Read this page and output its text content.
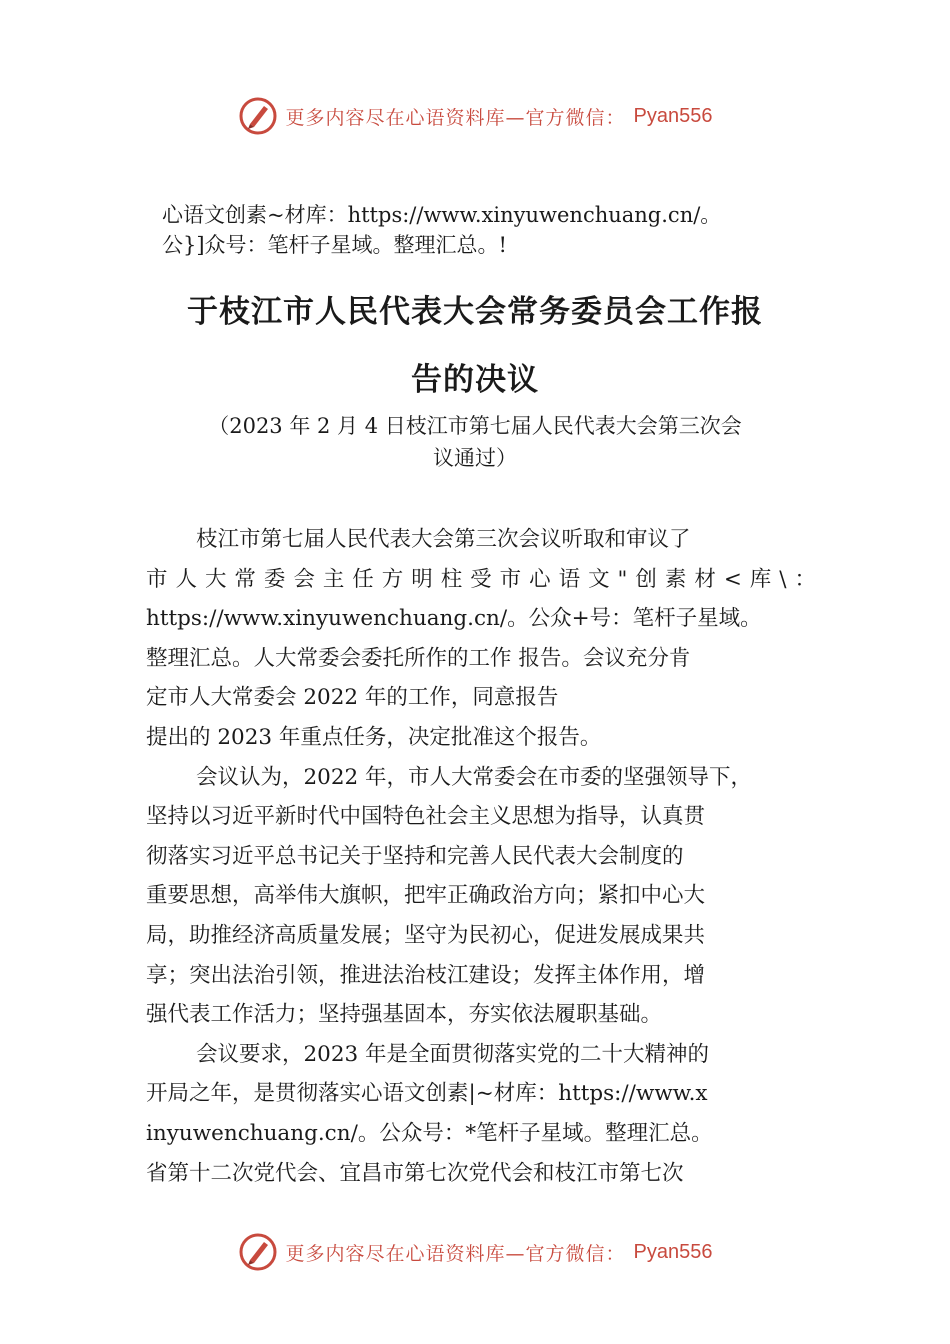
更多内容尽在心语资料库—官方微信： Pyan556

心语文创素~材库：https://www.xinyuwenchuang.cn/。

公}]众号：笔杆子星域。整理汇总。!

于枝江市人民代表大会常务委员会工作报
告的决议

（2023 年 2 月 4 日枝江市第七届人民代表大会第三次会

议通过）

枝江市第七届人民代表大会第三次会议听取和审议了
市人大常委会主任方明柱受市心语文"创素材<库\：
https://www.xinyuwenchuang.cn/。公众+号：笔杆子星域。
整理汇总。人大常委会委托所作的工作 报告。会议充分肯
定市人大常委会 2022 年的工作，同意报告
提出的 2023 年重点任务，决定批准这个报告。
会议认为，2022 年，市人大常委会在市委的坚强领导下，
坚持以习近平新时代中国特色社会主义思想为指导，认真贯
彻落实习近平总书记关于坚持和完善人民代表大会制度的
重要思想，高举伟大旗帜，把牢正确政治方向；紧扣中心大
局，助推经济高质量发展；坚守为民初心，促进发展成果共
享；突出法治引领，推进法治枝江建设；发挥主体作用，增
强代表工作活力；坚持强基固本，夯实依法履职基础。
会议要求，2023 年是全面贯彻落实党的二十大精神的
开局之年，是贯彻落实心语文创素|~材库：https://www.x
inyuwenchuang.cn/。公众号：*笔杆子星域。整理汇总。
省第十二次党代会、宜昌市第七次党代会和枝江市第七次
更多内容尽在心语资料库—官方微信： Pyan556
